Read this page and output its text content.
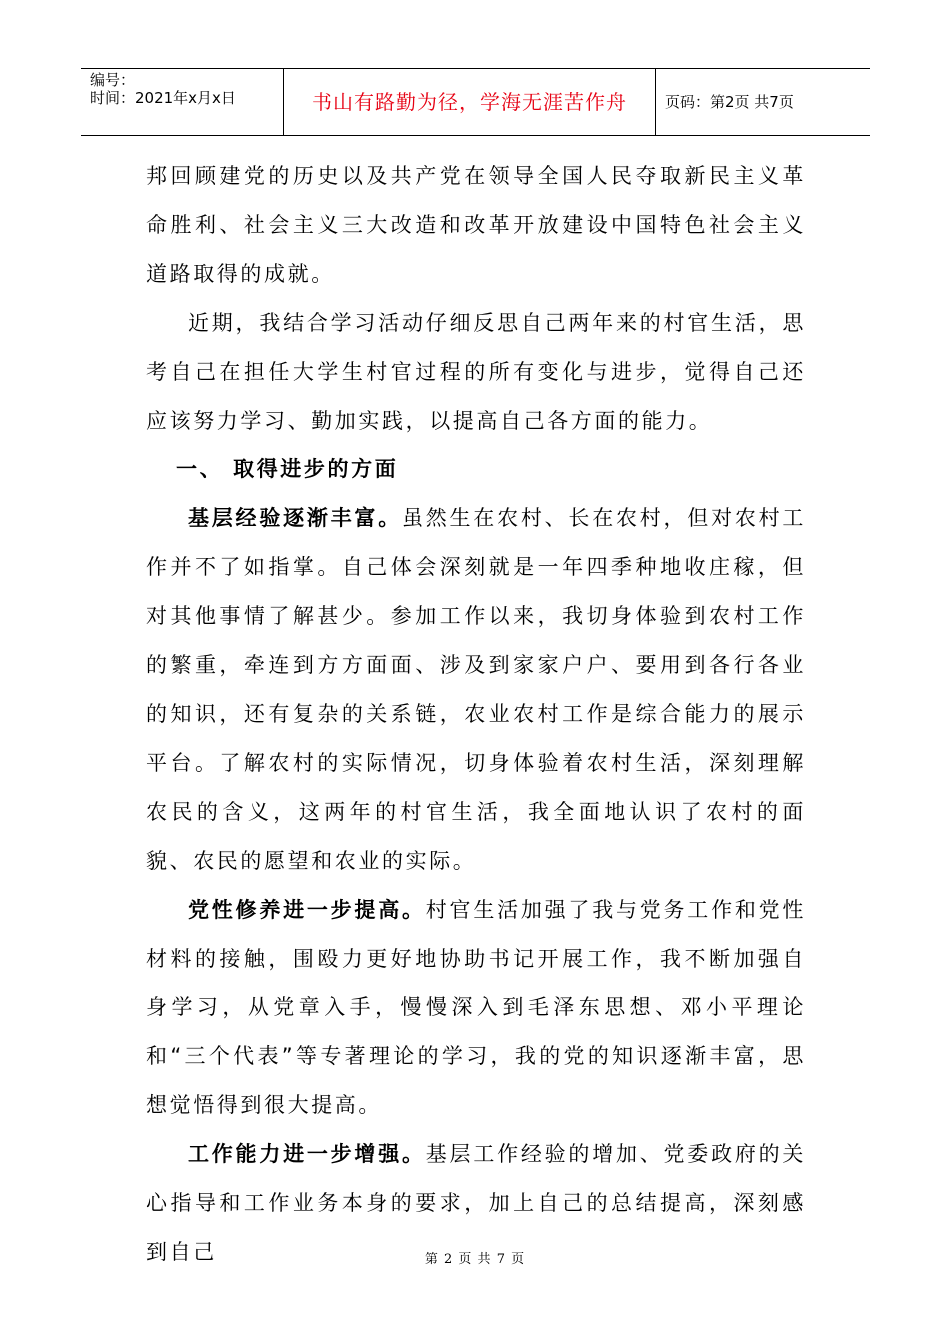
编号：
时间：2021年x月x日	书山有路勤为径，学海无涯苦作舟	页码：第2页 共7页

邦回顾建党的历史以及共产党在领导全国人民夺取新民主义革命胜利、社会主义三大改造和改革开放建设中国特色社会主义道路取得的成就。

近期，我结合学习活动仔细反思自己两年来的村官生活，思考自己在担任大学生村官过程的所有变化与进步，觉得自己还应该努力学习、勤加实践，以提高自己各方面的能力。

一、 取得进步的方面

基层经验逐渐丰富。虽然生在农村、长在农村，但对农村工作并不了如指掌。自己体会深刻就是一年四季种地收庄稼，但对其他事情了解甚少。参加工作以来，我切身体验到农村工作的繁重，牵连到方方面面、涉及到家家户户、要用到各行各业的知识，还有复杂的关系链，农业农村工作是综合能力的展示平台。了解农村的实际情况，切身体验着农村生活，深刻理解农民的含义，这两年的村官生活，我全面地认识了农村的面貌、农民的愿望和农业的实际。

党性修养进一步提高。村官生活加强了我与党务工作和党性材料的接触，围殴力更好地协助书记开展工作，我不断加强自身学习，从党章入手，慢慢深入到毛泽东思想、邓小平理论和“三个代表”等专著理论的学习，我的党的知识逐渐丰富，思想觉悟得到很大提高。

工作能力进一步增强。基层工作经验的增加、党委政府的关心指导和工作业务本身的要求，加上自己的总结提高，深刻感到自己	第 2 页 共 7 页
